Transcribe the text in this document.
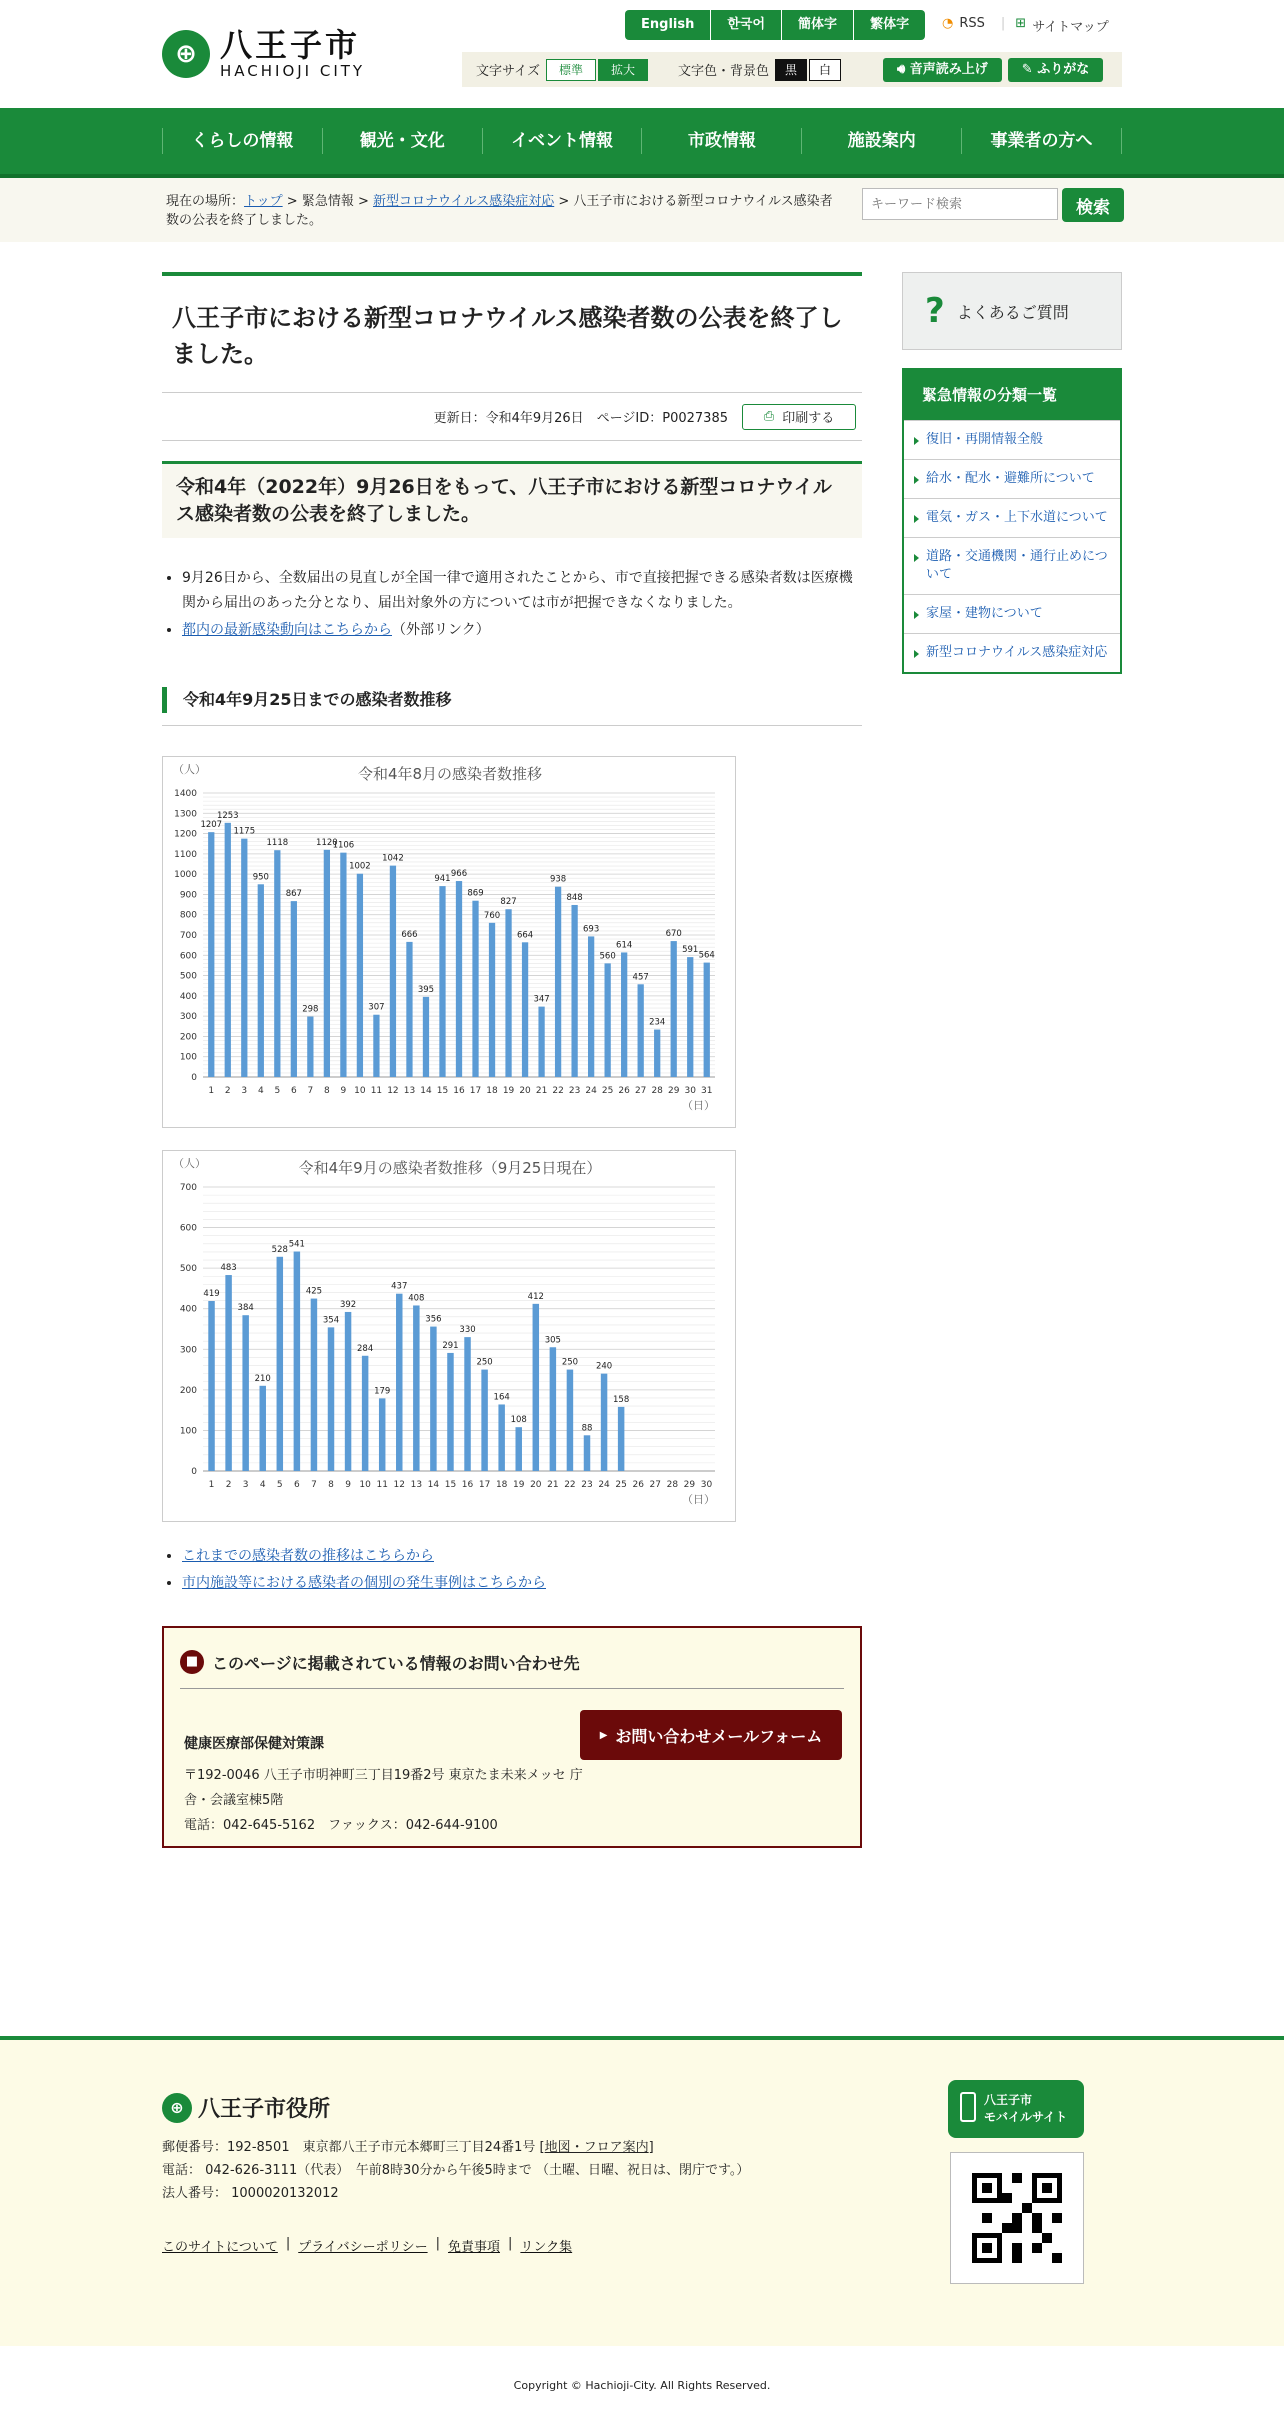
⊕ 八王子市
HACHIOJI CITY
English	한국어	簡体字	繁体字	◔ RSS | ⊞ サイトマップ
文字サイズ	標準	拡大	文字色・背景色	黒	白	🔊︎ 音声読み上げ	✎ ふりがな
くらしの情報	観光・文化	イベント情報	市政情報	施設案内	事業者の方へ
現在の場所：トップ > 緊急情報 > 新型コロナウイルス感染症対応 > 八王子市における新型コロナウイルス感染者数の公表を終了しました。
キーワード検索
検索
八王子市における新型コロナウイルス感染者数の公表を終了しました。
更新日：令和4年9月26日　ページID：P0027385	⎙ 印刷する
令和4年（2022年）9月26日をもって、八王子市における新型コロナウイルス感染者数の公表を終了しました。
• 9月26日から、全数届出の見直しが全国一律で適用されたことから、市で直接把握できる感染者数は医療機関から届出のあった分となり、届出対象外の方については市が把握できなくなりました。
• 都内の最新感染動向はこちらから（外部リンク）
令和4年9月25日までの感染者数推移
令和4年8月の感染者数推移
（人）
（日）
0
100
200
300
400
500
600
700
800
900
1000
1100
1200
1300
1400
1 2 3 4 5 6 7 8 9 10 11 12 13 14 15 16 17 18 19 20 21 22 23 24 25 26 27 28 29 30 31
1207
1253
1175
950
1118
867
298
1120
1106
1002
307
1042
666
395
941
966
869
760
827
664
347
938
848
693
560
614
457
234
670
591
564
令和4年9月の感染者数推移（9月25日現在）
（人）
（日）
0
100
200
300
400
500
600
700
1 2 3 4 5 6 7 8 9 10 11 12 13 14 15 16 17 18 19 20 21 22 23 24 25 26 27 28 29 30
419
483
384
210
528
541
425
354
392
284
179
437
408
356
291
330
250
164
108
412
305
250
88
240
158
• これまでの感染者数の推移はこちらから
• 市内施設等における感染者の個別の発生事例はこちらから
■ このページに掲載されている情報のお問い合わせ先
健康医療部保健対策課
〒192-0046 八王子市明神町三丁目19番2号 東京たま未来メッセ 庁舎・会議室棟5階
電話：042-645-5162　ファックス：042-644-9100
▶ お問い合わせメールフォーム
? よくあるご質問
緊急情報の分類一覧
復旧・再開情報全般
給水・配水・避難所について
電気・ガス・上下水道について
道路・交通機関・通行止めについて
家屋・建物について
新型コロナウイルス感染症対応
⊕ 八王子市役所
郵便番号：192-8501　東京都八王子市元本郷町三丁目24番1号 [地図・フロア案内]
電話： 042-626-3111（代表）　午前8時30分から午後5時まで （土曜、日曜、祝日は、閉庁です。）
法人番号： 1000020132012
このサイトについて | プライバシーポリシー | 免責事項 | リンク集
八王子市
モバイルサイト
Copyright © Hachioji-City. All Rights Reserved.
